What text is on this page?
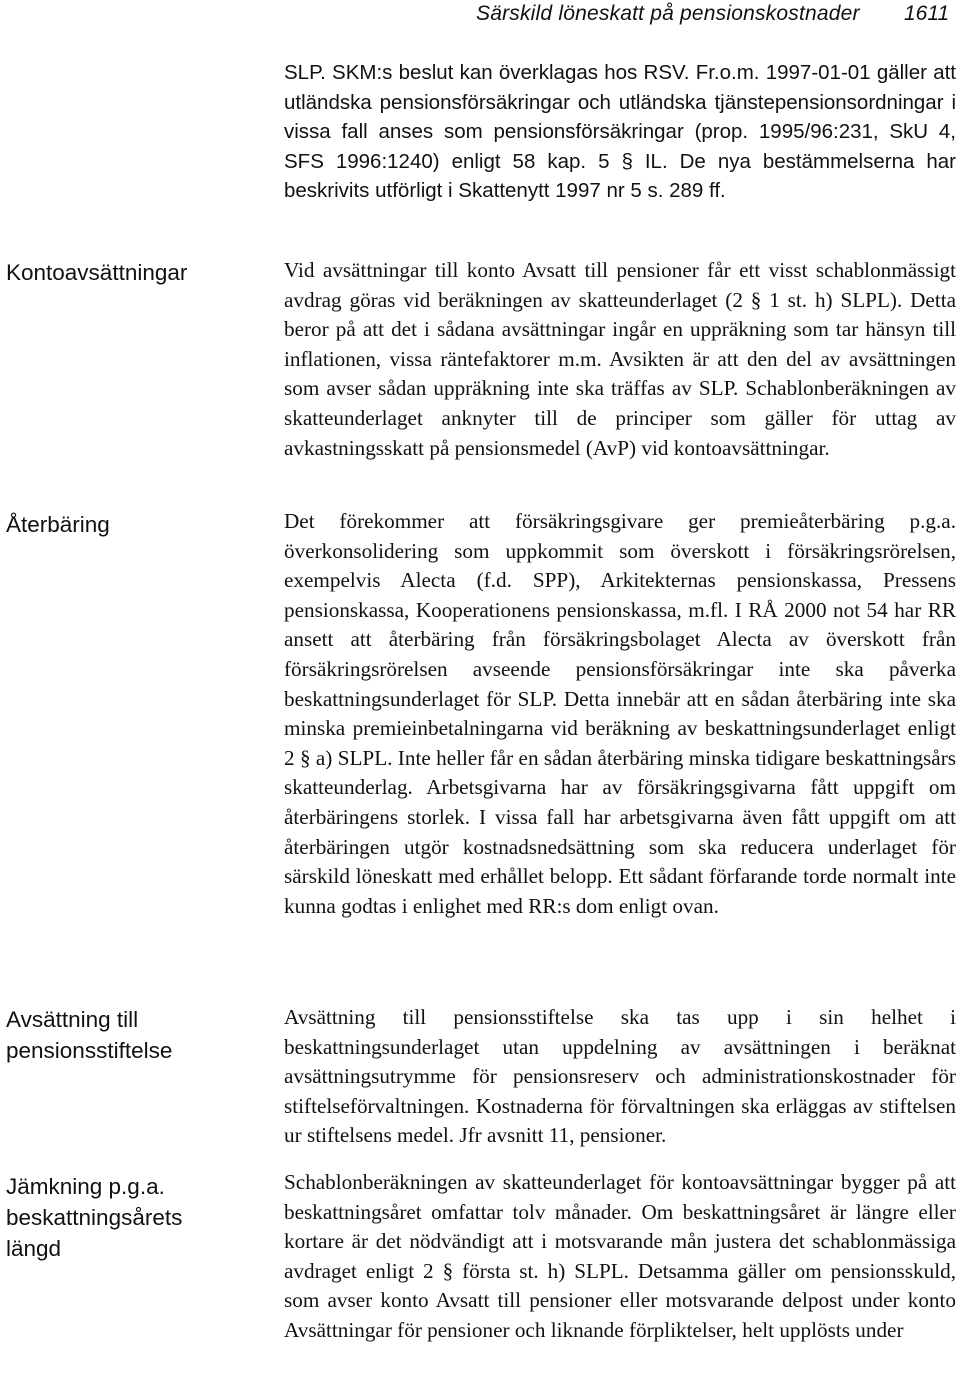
Särskild löneskatt på pensionskostnader 1611
Kontoavsättningar
Återbäring
Avsättning till
pensionsstiftelse
Jämkning p.g.a.
beskattningsårets
längd

SLP. SKM:s beslut kan överklagas hos RSV. Fr.o.m. 1997-01-01 gäller att utländska pensionsförsäkringar och utländska tjänstepensionsordningar i vissa fall anses som pensionsförsäkringar (prop. 1995/96:231, SkU 4, SFS 1996:1240) enligt 58 kap. 5 § IL. De nya bestämmelserna har beskrivits utförligt i Skattenytt 1997 nr 5 s. 289 ff.

Vid avsättningar till konto Avsatt till pensioner får ett visst schablonmässigt avdrag göras vid beräkningen av skatteunderlaget (2 § 1 st. h) SLPL). Detta beror på att det i sådana avsättningar ingår en uppräkning som tar hänsyn till inflationen, vissa räntefaktorer m.m. Avsikten är att den del av avsättningen som avser sådan uppräkning inte ska träffas av SLP. Schablonberäkningen av skatteunderlaget anknyter till de principer som gäller för uttag av avkastningsskatt på pensionsmedel (AvP) vid kontoavsättningar.

Det förekommer att försäkringsgivare ger premieåterbäring p.g.a. överkonsolidering som uppkommit som överskott i försäkringsrörelsen, exempelvis Alecta (f.d. SPP), Arkitekternas pensionskassa, Pressens pensionskassa, Kooperationens pensionskassa, m.fl. I RÅ 2000 not 54 har RR ansett att återbäring från försäkringsbolaget Alecta av överskott från försäkringsrörelsen avseende pensionsförsäkringar inte ska påverka beskattningsunderlaget för SLP. Detta innebär att en sådan återbäring inte ska minska premieinbetalningarna vid beräkning av beskattningsunderlaget enligt 2 § a) SLPL. Inte heller får en sådan återbäring minska tidigare beskattningsårs skatteunderlag. Arbetsgivarna har av försäkringsgivarna fått uppgift om återbäringens storlek. I vissa fall har arbetsgivarna även fått uppgift om att återbäringen utgör kostnadsnedsättning som ska reducera underlaget för särskild löneskatt med erhållet belopp. Ett sådant förfarande torde normalt inte kunna godtas i enlighet med RR:s dom enligt ovan.

Avsättning till pensionsstiftelse ska tas upp i sin helhet i beskattningsunderlaget utan uppdelning av avsättningen i beräknat avsättningsutrymme för pensionsreserv och administrationskostnader för stiftelseförvaltningen. Kostnaderna för förvaltningen ska erläggas av stiftelsen ur stiftelsens medel. Jfr avsnitt 11, pensioner.

Schablonberäkningen av skatteunderlaget för kontoavsättningar bygger på att beskattningsåret omfattar tolv månader. Om beskattningsåret är längre eller kortare är det nödvändigt att i motsvarande mån justera det schablonmässiga avdraget enligt 2 § första st. h) SLPL. Detsamma gäller om pensionsskuld, som avser konto Avsatt till pensioner eller motsvarande delpost under konto Avsättningar för pensioner och liknande förpliktelser, helt upplösts under
